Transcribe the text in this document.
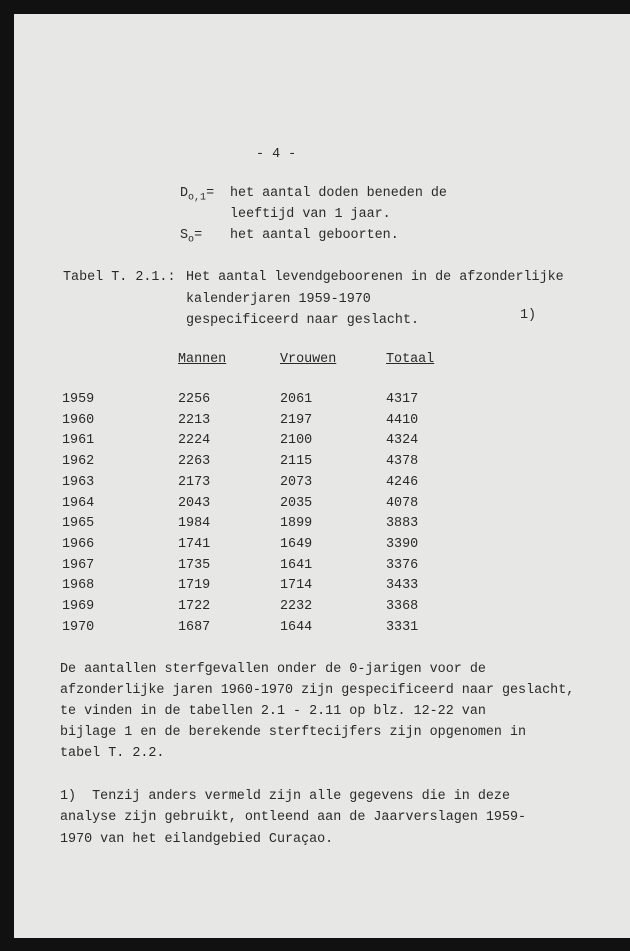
- 4 -
$D_{o,1}=$ het aantal doden beneden de
leeftijd van 1 jaar.
$S_o=$ het aantal geboorten.
Tabel T. 2.1.: Het aantal levendgeboorenen in de afzonderlijke
kalenderjaren 1959-1970
gespecificeerd naar geslacht.	1)
Mannen	Vrouwen	Totaal
1959	2256	2061	4317
1960	2213	2197	4410
1961	2224	2100	4324
1962	2263	2115	4378
1963	2173	2073	4246
1964	2043	2035	4078
1965	1984	1899	3883
1966	1741	1649	3390
1967	1735	1641	3376
1968	1719	1714	3433
1969	1722	2232	3368
1970	1687	1644	3331
De aantallen sterfgevallen onder de 0-jarigen voor de
afzonderlijke jaren 1960-1970 zijn gespecificeerd naar geslacht,
te vinden in de tabellen 2.1 - 2.11 op blz. 12-22 van
bijlage 1 en de berekende sterftecijfers zijn opgenomen in
tabel T. 2.2.
1)  Tenzij anders vermeld zijn alle gegevens die in deze
analyse zijn gebruikt, ontleend aan de Jaarverslagen 1959-
1970 van het eilandgebied Curaçao.
